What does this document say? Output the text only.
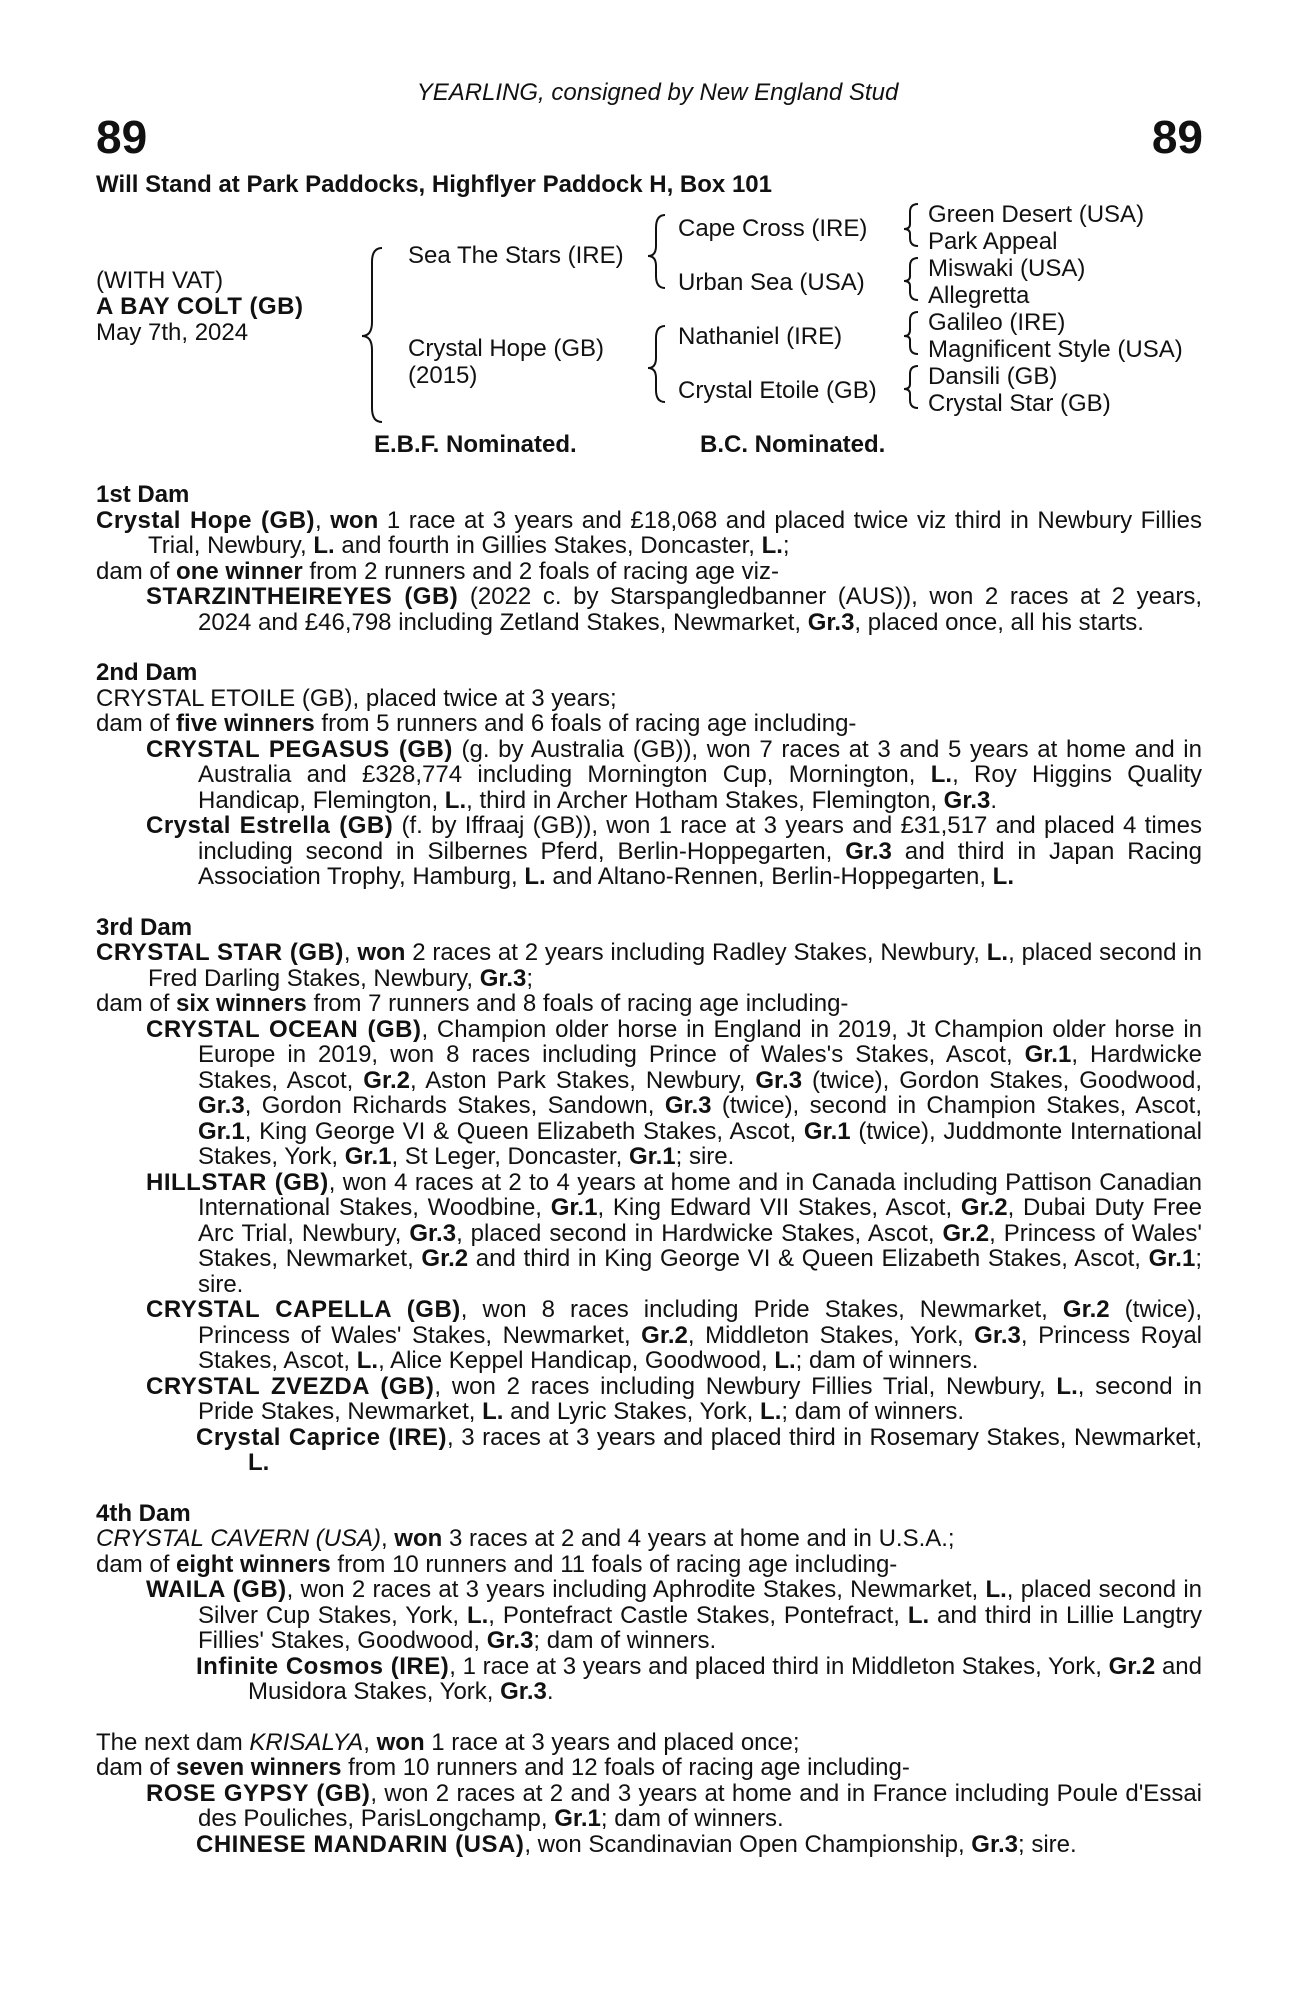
YEARLING, consigned by New England Stud
89	89
Will Stand at Park Paddocks, Highflyer Paddock H, Box 101
(WITH VAT)
A BAY COLT (GB)
May 7th, 2024
Sea The Stars (IRE)
Crystal Hope (GB)
(2015)
Cape Cross (IRE)
Urban Sea (USA)
Nathaniel (IRE)
Crystal Etoile (GB)
Green Desert (USA)
Park Appeal
Miswaki (USA)
Allegretta
Galileo (IRE)
Magnificent Style (USA)
Dansili (GB)
Crystal Star (GB)
E.B.F. Nominated.	B.C. Nominated.
1st Dam
Crystal Hope (GB), won 1 race at 3 years and £18,068 and placed twice viz third in Newbury Fillies Trial, Newbury, L. and fourth in Gillies Stakes, Doncaster, L.;
dam of one winner from 2 runners and 2 foals of racing age viz-
STARZINTHEIREYES (GB) (2022 c. by Starspangledbanner (AUS)), won 2 races at 2 years, 2024 and £46,798 including Zetland Stakes, Newmarket, Gr.3, placed once, all his starts.
2nd Dam
CRYSTAL ETOILE (GB), placed twice at 3 years;
dam of five winners from 5 runners and 6 foals of racing age including-
CRYSTAL PEGASUS (GB) (g. by Australia (GB)), won 7 races at 3 and 5 years at home and in Australia and £328,774 including Mornington Cup, Mornington, L., Roy Higgins Quality Handicap, Flemington, L., third in Archer Hotham Stakes, Flemington, Gr.3.
Crystal Estrella (GB) (f. by Iffraaj (GB)), won 1 race at 3 years and £31,517 and placed 4 times including second in Silbernes Pferd, Berlin-Hoppegarten, Gr.3 and third in Japan Racing Association Trophy, Hamburg, L. and Altano-Rennen, Berlin-Hoppegarten, L.
3rd Dam
CRYSTAL STAR (GB), won 2 races at 2 years including Radley Stakes, Newbury, L., placed second in Fred Darling Stakes, Newbury, Gr.3;
dam of six winners from 7 runners and 8 foals of racing age including-
CRYSTAL OCEAN (GB), Champion older horse in England in 2019, Jt Champion older horse in Europe in 2019, won 8 races including Prince of Wales's Stakes, Ascot, Gr.1, Hardwicke Stakes, Ascot, Gr.2, Aston Park Stakes, Newbury, Gr.3 (twice), Gordon Stakes, Goodwood, Gr.3, Gordon Richards Stakes, Sandown, Gr.3 (twice), second in Champion Stakes, Ascot, Gr.1, King George VI & Queen Elizabeth Stakes, Ascot, Gr.1 (twice), Juddmonte International Stakes, York, Gr.1, St Leger, Doncaster, Gr.1; sire.
HILLSTAR (GB), won 4 races at 2 to 4 years at home and in Canada including Pattison Canadian International Stakes, Woodbine, Gr.1, King Edward VII Stakes, Ascot, Gr.2, Dubai Duty Free Arc Trial, Newbury, Gr.3, placed second in Hardwicke Stakes, Ascot, Gr.2, Princess of Wales' Stakes, Newmarket, Gr.2 and third in King George VI & Queen Elizabeth Stakes, Ascot, Gr.1; sire.
CRYSTAL CAPELLA (GB), won 8 races including Pride Stakes, Newmarket, Gr.2 (twice), Princess of Wales' Stakes, Newmarket, Gr.2, Middleton Stakes, York, Gr.3, Princess Royal Stakes, Ascot, L., Alice Keppel Handicap, Goodwood, L.; dam of winners.
CRYSTAL ZVEZDA (GB), won 2 races including Newbury Fillies Trial, Newbury, L., second in Pride Stakes, Newmarket, L. and Lyric Stakes, York, L.; dam of winners.
Crystal Caprice (IRE), 3 races at 3 years and placed third in Rosemary Stakes, Newmarket, L.
4th Dam
CRYSTAL CAVERN (USA), won 3 races at 2 and 4 years at home and in U.S.A.;
dam of eight winners from 10 runners and 11 foals of racing age including-
WAILA (GB), won 2 races at 3 years including Aphrodite Stakes, Newmarket, L., placed second in Silver Cup Stakes, York, L., Pontefract Castle Stakes, Pontefract, L. and third in Lillie Langtry Fillies' Stakes, Goodwood, Gr.3; dam of winners.
Infinite Cosmos (IRE), 1 race at 3 years and placed third in Middleton Stakes, York, Gr.2 and Musidora Stakes, York, Gr.3.
The next dam KRISALYA, won 1 race at 3 years and placed once;
dam of seven winners from 10 runners and 12 foals of racing age including-
ROSE GYPSY (GB), won 2 races at 2 and 3 years at home and in France including Poule d'Essai des Pouliches, ParisLongchamp, Gr.1; dam of winners.
CHINESE MANDARIN (USA), won Scandinavian Open Championship, Gr.3; sire.
